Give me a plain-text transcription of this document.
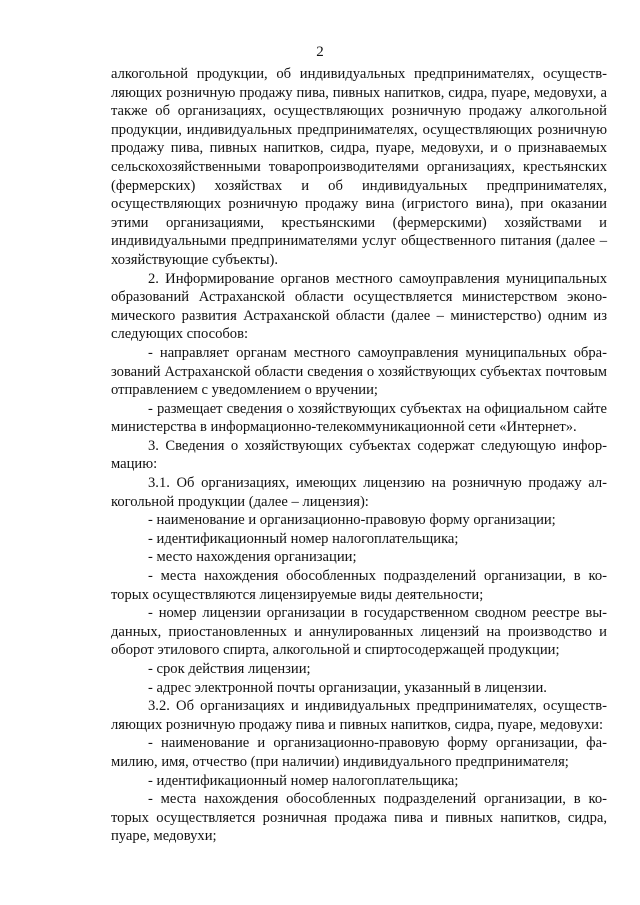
2

алкогольной продукции, об индивидуальных предпринимателях, осуществляющих розничную продажу пива, пивных напитков, сидра, пуаре, медовухи, а также об организациях, осуществляющих розничную продажу алкогольной продукции, индивидуальных предпринимателях, осуществляющих розничную продажу пива, пивных напитков, сидра, пуаре, медовухи, и о признаваемых сельскохозяйственными товаропроизводителями организациях, крестьянских (фермерских) хозяйствах и об индивидуальных предпринимателях, осуществляющих розничную продажу вина (игристого вина), при оказании этими организациями, крестьянскими (фермерскими) хозяйствами и индивидуальными предпринимателями услуг общественного питания (далее – хозяйствующие субъекты).

2. Информирование органов местного самоуправления муниципальных образований Астраханской области осуществляется министерством экономического развития Астраханской области (далее – министерство) одним из следующих способов:

- направляет органам местного самоуправления муниципальных образований Астраханской области сведения о хозяйствующих субъектах почтовым отправлением с уведомлением о вручении;

- размещает сведения о хозяйствующих субъектах на официальном сайте министерства в информационно-телекоммуникационной сети «Интернет».

3. Сведения о хозяйствующих субъектах содержат следующую информацию:

3.1. Об организациях, имеющих лицензию на розничную продажу алкогольной продукции (далее – лицензия):

- наименование и организационно-правовую форму организации;

- идентификационный номер налогоплательщика;

- место нахождения организации;

- места нахождения обособленных подразделений организации, в которых осуществляются лицензируемые виды деятельности;

- номер лицензии организации в государственном сводном реестре выданных, приостановленных и аннулированных лицензий на производство и оборот этилового спирта, алкогольной и спиртосодержащей продукции;

- срок действия лицензии;

- адрес электронной почты организации, указанный в лицензии.

3.2. Об организациях и индивидуальных предпринимателях, осуществляющих розничную продажу пива и пивных напитков, сидра, пуаре, медовухи:

- наименование и организационно-правовую форму организации, фамилию, имя, отчество (при наличии) индивидуального предпринимателя;

- идентификационный номер налогоплательщика;

- места нахождения обособленных подразделений организации, в которых осуществляется розничная продажа пива и пивных напитков, сидра, пуаре, медовухи;
